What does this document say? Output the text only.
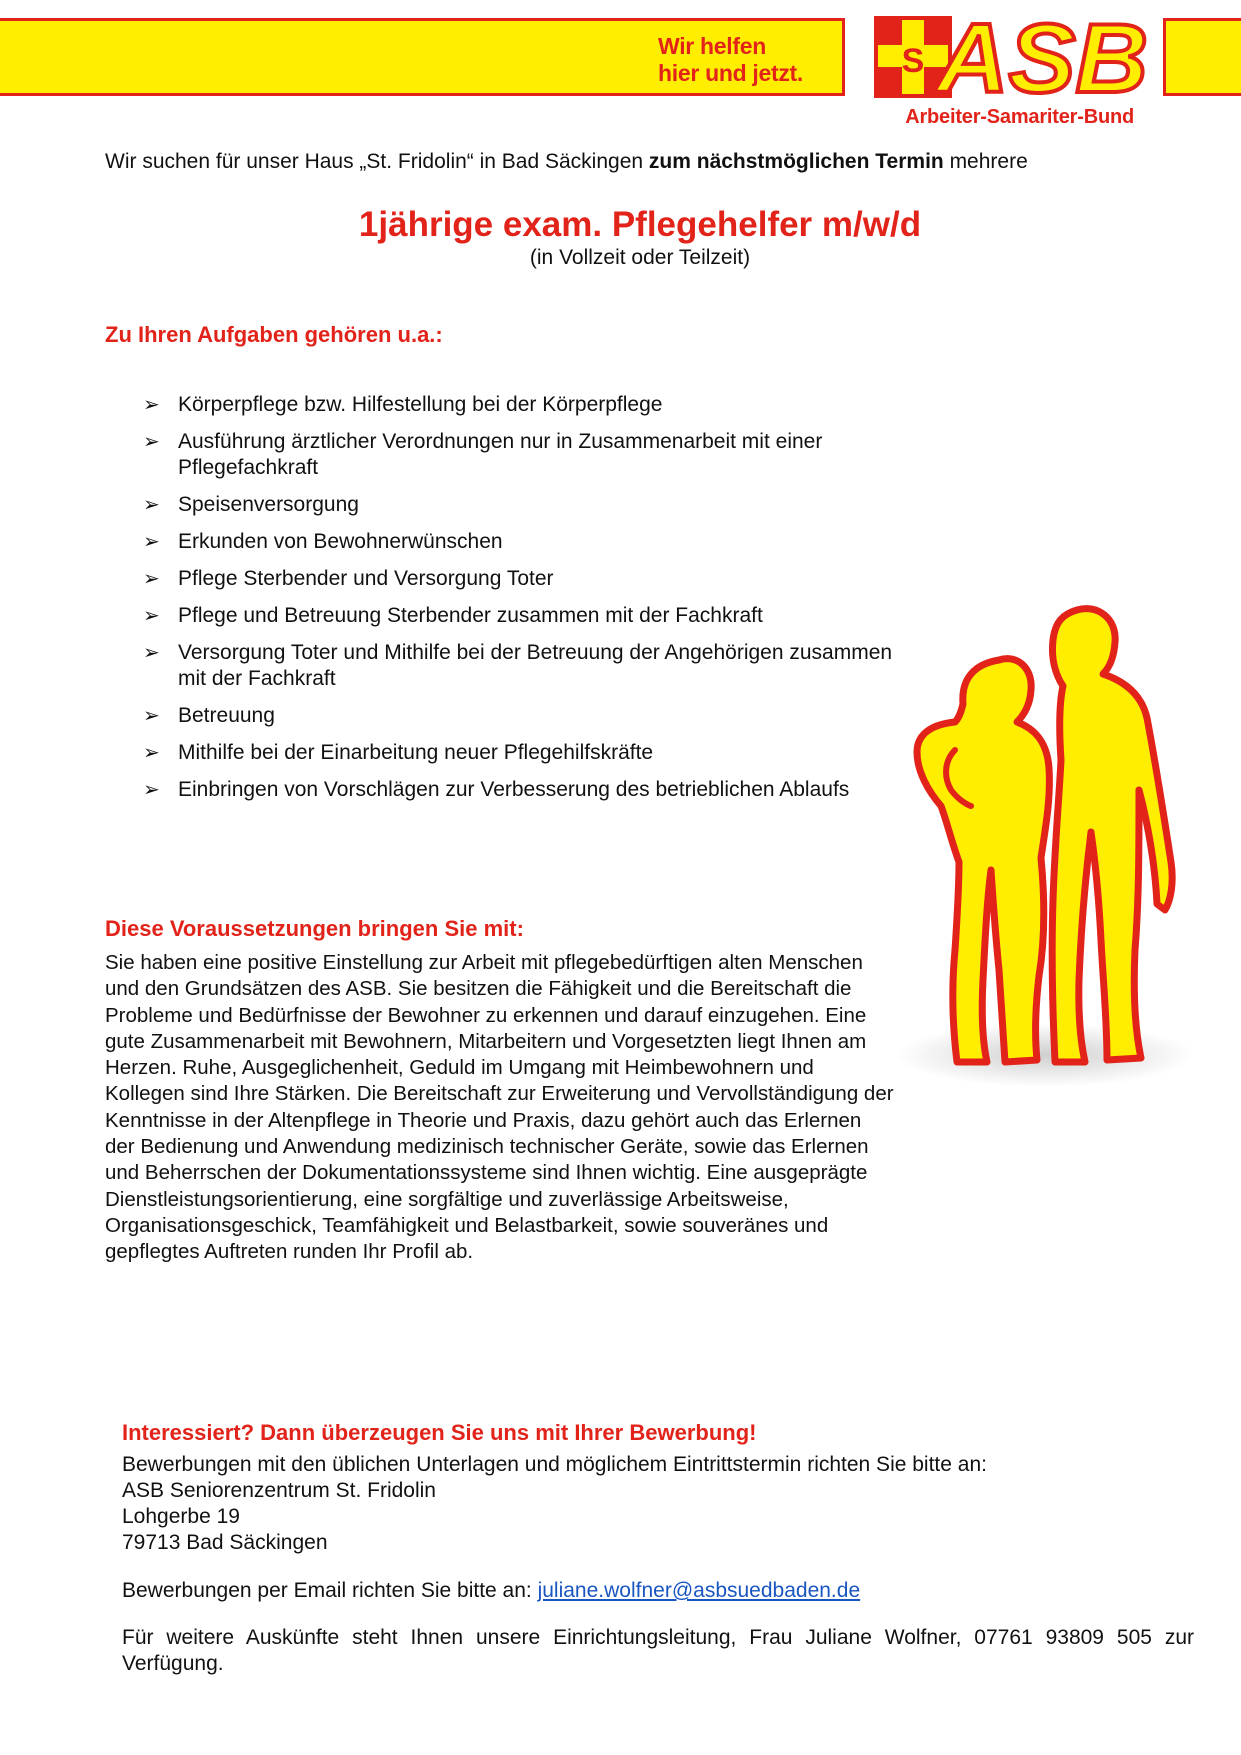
Wir helfen
hier und jetzt.	S ASB
Arbeiter-Samariter-Bund
Wir suchen für unser Haus „St. Fridolin“ in Bad Säckingen zum nächstmöglichen Termin mehrere
1jährige exam. Pflegehelfer m/w/d
(in Vollzeit oder Teilzeit)
Zu Ihren Aufgaben gehören u.a.:
➢ Körperpflege bzw. Hilfestellung bei der Körperpflege
➢ Ausführung ärztlicher Verordnungen nur in Zusammenarbeit mit einer Pflegefachkraft
➢ Speisenversorgung
➢ Erkunden von Bewohnerwünschen
➢ Pflege Sterbender und Versorgung Toter
➢ Pflege und Betreuung Sterbender zusammen mit der Fachkraft
➢ Versorgung Toter und Mithilfe bei der Betreuung der Angehörigen zusammen mit der Fachkraft
➢ Betreuung
➢ Mithilfe bei der Einarbeitung neuer Pflegehilfskräfte
➢ Einbringen von Vorschlägen zur Verbesserung des betrieblichen Ablaufs
Diese Voraussetzungen bringen Sie mit:
Sie haben eine positive Einstellung zur Arbeit mit pflegebedürftigen alten Menschen und den Grundsätzen des ASB. Sie besitzen die Fähigkeit und die Bereitschaft die Probleme und Bedürfnisse der Bewohner zu erkennen und darauf einzugehen. Eine gute Zusammenarbeit mit Bewohnern, Mitarbeitern und Vorgesetzten liegt Ihnen am Herzen. Ruhe, Ausgeglichenheit, Geduld im Umgang mit Heimbewohnern und Kollegen sind Ihre Stärken. Die Bereitschaft zur Erweiterung und Vervollständigung der Kenntnisse in der Altenpflege in Theorie und Praxis, dazu gehört auch das Erlernen der Bedienung und Anwendung medizinisch technischer Geräte, sowie das Erlernen und Beherrschen der Dokumentationssysteme sind Ihnen wichtig. Eine ausgeprägte Dienstleistungsorientierung, eine sorgfältige und zuverlässige Arbeitsweise, Organisationsgeschick, Teamfähigkeit und Belastbarkeit, sowie souveränes und gepflegtes Auftreten runden Ihr Profil ab.

Interessiert? Dann überzeugen Sie uns mit Ihrer Bewerbung!

Bewerbungen mit den üblichen Unterlagen und möglichem Eintrittstermin richten Sie bitte an:

ASB Seniorenzentrum St. Fridolin

Lohgerbe 19

79713 Bad Säckingen

Bewerbungen per Email richten Sie bitte an: juliane.wolfner@asbsuedbaden.de

Für weitere Auskünfte steht Ihnen unsere Einrichtungsleitung, Frau Juliane Wolfner, 07761 93809 505 zur Verfügung.
